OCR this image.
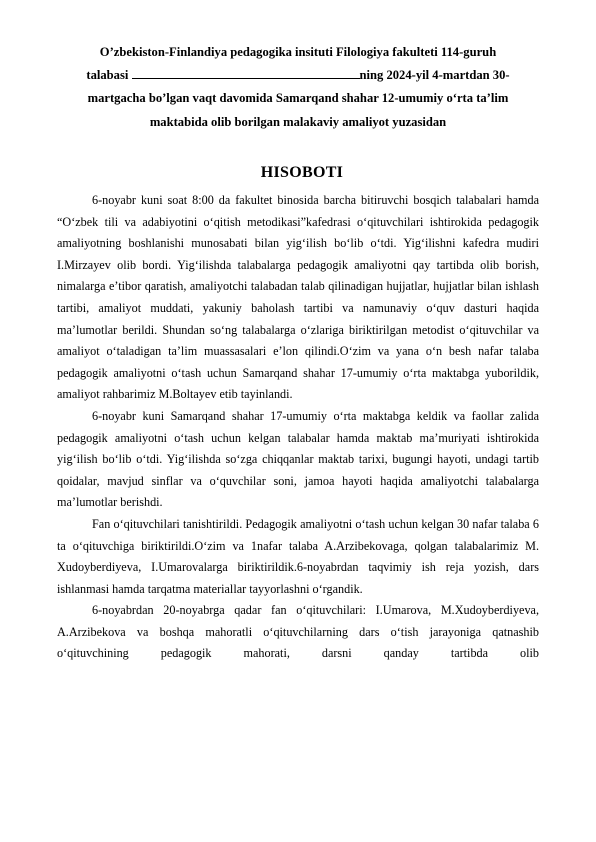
O’zbekiston-Finlandiya pedagogika insituti Filologiya fakulteti 114-guruh
talabasi	ning 2024-yil 4-martdan 30-
martgacha bo’lgan vaqt davomida Samarqand shahar 12-umumiy o‘rta ta’lim
maktabida olib borilgan malakaviy amaliyot yuzasidan
HISOBOTI

6-noyabr kuni soat 8:00 da fakultet binosida barcha bitiruvchi bosqich talabalari hamda “O‘zbek tili va adabiyotini o‘qitish metodikasi”kafedrasi o‘qituvchilari ishtirokida pedagogik amaliyotning boshlanishi munosabati bilan yig‘ilish bo‘lib o‘tdi. Yig‘ilishni kafedra mudiri I.Mirzayev olib bordi. Yig‘ilishda talabalarga pedagogik amaliyotni qay tartibda olib borish, nimalarga e’tibor qaratish, amaliyotchi talabadan talab qilinadigan hujjatlar, hujjatlar bilan ishlash tartibi, amaliyot muddati, yakuniy baholash tartibi va namunaviy o‘quv dasturi haqida ma’lumotlar berildi. Shundan so‘ng talabalarga o‘zlariga biriktirilgan metodist o‘qituvchilar va amaliyot o‘taladigan ta’lim muassasalari e’lon qilindi.O‘zim va yana o‘n besh nafar talaba pedagogik amaliyotni o‘tash uchun Samarqand shahar 17-umumiy o‘rta maktabga yuborildik, amaliyot rahbarimiz M.Boltayev etib tayinlandi.

6-noyabr kuni Samarqand shahar 17-umumiy o‘rta maktabga keldik va faollar zalida pedagogik amaliyotni o‘tash uchun kelgan talabalar hamda maktab ma’muriyati ishtirokida yig‘ilish bo‘lib o‘tdi. Yig‘ilishda so‘zga chiqqanlar maktab tarixi, bugungi hayoti, undagi tartib qoidalar, mavjud sinflar va o‘quvchilar soni, jamoa hayoti haqida amaliyotchi talabalarga ma’lumotlar berishdi.

Fan o‘qituvchilari tanishtirildi. Pedagogik amaliyotni o‘tash uchun kelgan 30 nafar talaba 6 ta o‘qituvchiga biriktirildi.O‘zim va 1nafar talaba A.Arzibekovaga, qolgan talabalarimiz M. Xudoyberdiyeva, I.Umarovalarga biriktirildik.6-noyabrdan taqvimiy ish reja yozish, dars ishlanmasi hamda tarqatma materiallar tayyorlashni o‘rgandik.

6-noyabrdan 20-noyabrga qadar fan o‘qituvchilari: I.Umarova, M.Xudoyberdiyeva, A.Arzibekova va boshqa mahoratli o‘qituvchilarning dars o‘tish jarayoniga qatnashib o‘qituvchining pedagogik mahorati, darsni qanday tartibda olib
